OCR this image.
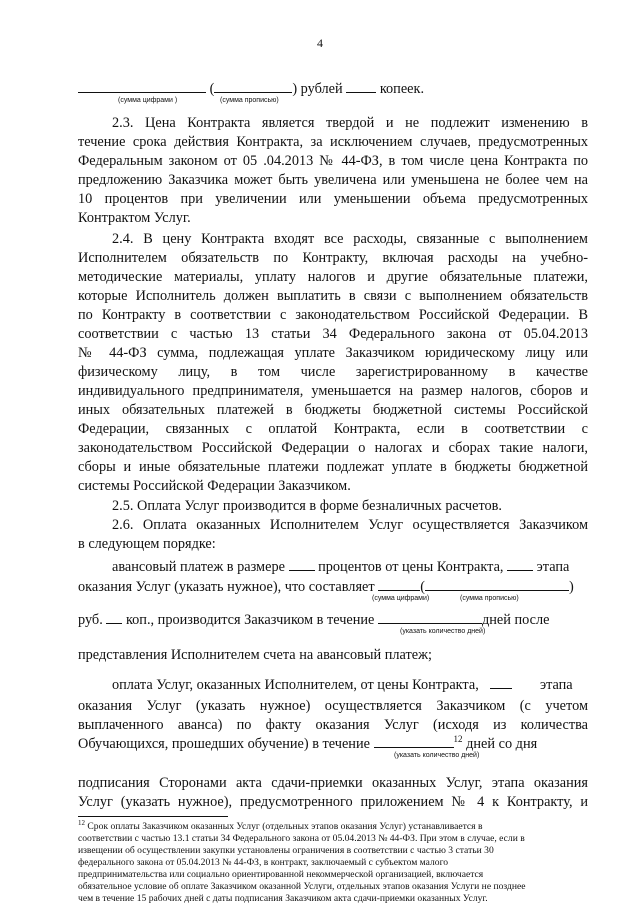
4
(	) рублей	копеек.
(сумма цифрами )	(сумма прописью)
2.3. Цена Контракта является твердой и не подлежит изменению в
течение срока действия Контракта, за исключением случаев, предусмотренных
Федеральным законом от 05 .04.2013 № 44-ФЗ, в том числе цена Контракта по
предложению Заказчика может быть увеличена или уменьшена не более чем на
10 процентов при увеличении или уменьшении объема предусмотренных
Контрактом Услуг.
2.4. В цену Контракта входят все расходы, связанные с выполнением
Исполнителем обязательств по Контракту, включая расходы на учебно-
методические материалы, уплату налогов и другие обязательные платежи,
которые Исполнитель должен выплатить в связи с выполнением обязательств
по Контракту в соответствии с законодательством Российской Федерации. В
соответствии с частью 13 статьи 34 Федерального закона от 05.04.2013
№ 44-ФЗ сумма, подлежащая уплате Заказчиком юридическому лицу или
физическому лицу, в том числе зарегистрированному в качестве
индивидуального предпринимателя, уменьшается на размер налогов, сборов и
иных обязательных платежей в бюджеты бюджетной системы Российской
Федерации, связанных с оплатой Контракта, если в соответствии с
законодательством Российской Федерации о налогах и сборах такие налоги,
сборы и иные обязательные платежи подлежат уплате в бюджеты бюджетной
системы Российской Федерации Заказчиком.
2.5. Оплата Услуг производится в форме безналичных расчетов.
2.6. Оплата оказанных Исполнителем Услуг осуществляется Заказчиком
в следующем порядке:
авансовый платеж в размере процентов от цены Контракта, этапа
оказания Услуг (указать нужное), что составляет	(	)
(сумма цифрами)	(сумма прописью)
руб. коп., производится Заказчиком в течение	дней после
(указать количество дней)
представления Исполнителем счета на авансовый платеж;
оплата Услуг, оказанных Исполнителем, от цены Контракта,	этапа
оказания Услуг (указать нужное) осуществляется Заказчиком (с учетом
выплаченного аванса) по факту оказания Услуг (исходя из количества
Обучающихся, прошедших обучение) в течение	$^{12}$ дней со дня
(указать количество дней)
подписания Сторонами акта сдачи-приемки оказанных Услуг, этапа оказания
Услуг (указать нужное), предусмотренного приложением № 4 к Контракту, и
$^{12}$ Срок оплаты Заказчиком оказанных Услуг (отдельных этапов оказания Услуг) устанавливается в
соответствии с частью 13.1 статьи 34 Федерального закона от 05.04.2013 № 44-ФЗ. При этом в случае, если в
извещении об осуществлении закупки установлены ограничения в соответствии с частью 3 статьи 30
федерального закона от 05.04.2013 № 44-ФЗ, в контракт, заключаемый с субъектом малого
предпринимательства или социально ориентированной некоммерческой организацией, включается
обязательное условие об оплате Заказчиком оказанной Услуги, отдельных этапов оказания Услуги не позднее
чем в течение 15 рабочих дней с даты подписания Заказчиком акта сдачи-приемки оказанных Услуг.
